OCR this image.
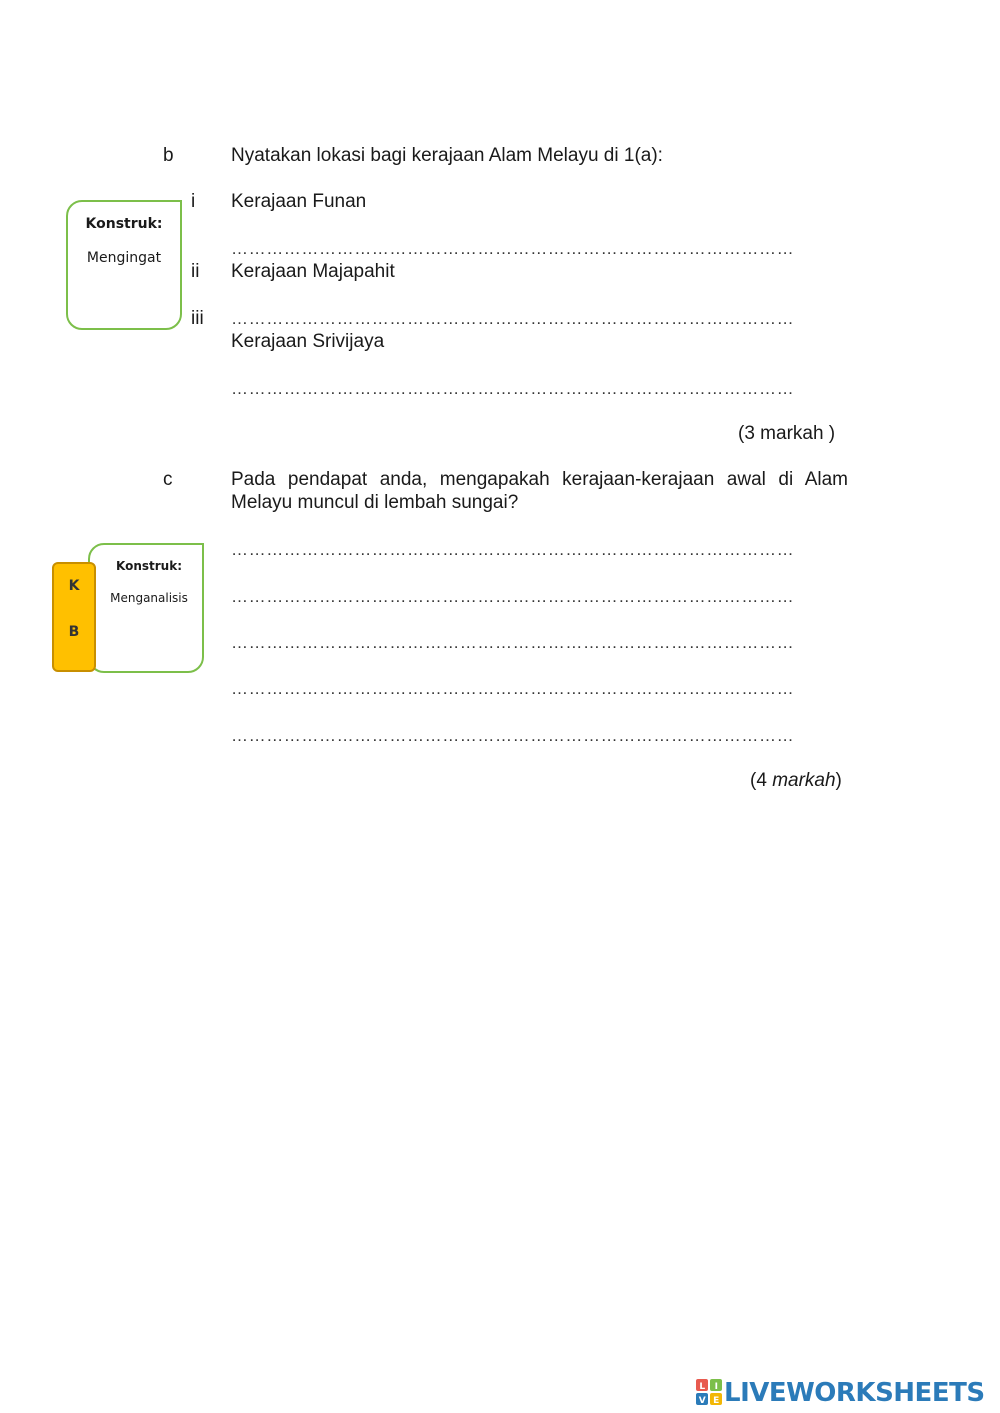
b	Nyatakan lokasi bagi kerajaan Alam Melayu di 1(a):
Konstruk:
Mengingat
i Kerajaan Funan
……………………………………………………………………………………
ii Kerajaan Majapahit
iii ……………………………………………………………………………………
Kerajaan Srivijaya
……………………………………………………………………………………
(3 markah )
c	Pada pendapat anda, mengapakah kerajaan-kerajaan awal di Alam
Melayu muncul di lembah sungai?
Konstruk:
Menganalisis
K
B
……………………………………………………………………………………
……………………………………………………………………………………
……………………………………………………………………………………
……………………………………………………………………………………
……………………………………………………………………………………
(4 markah)
L I
V E LIVEWORKSHEETS
